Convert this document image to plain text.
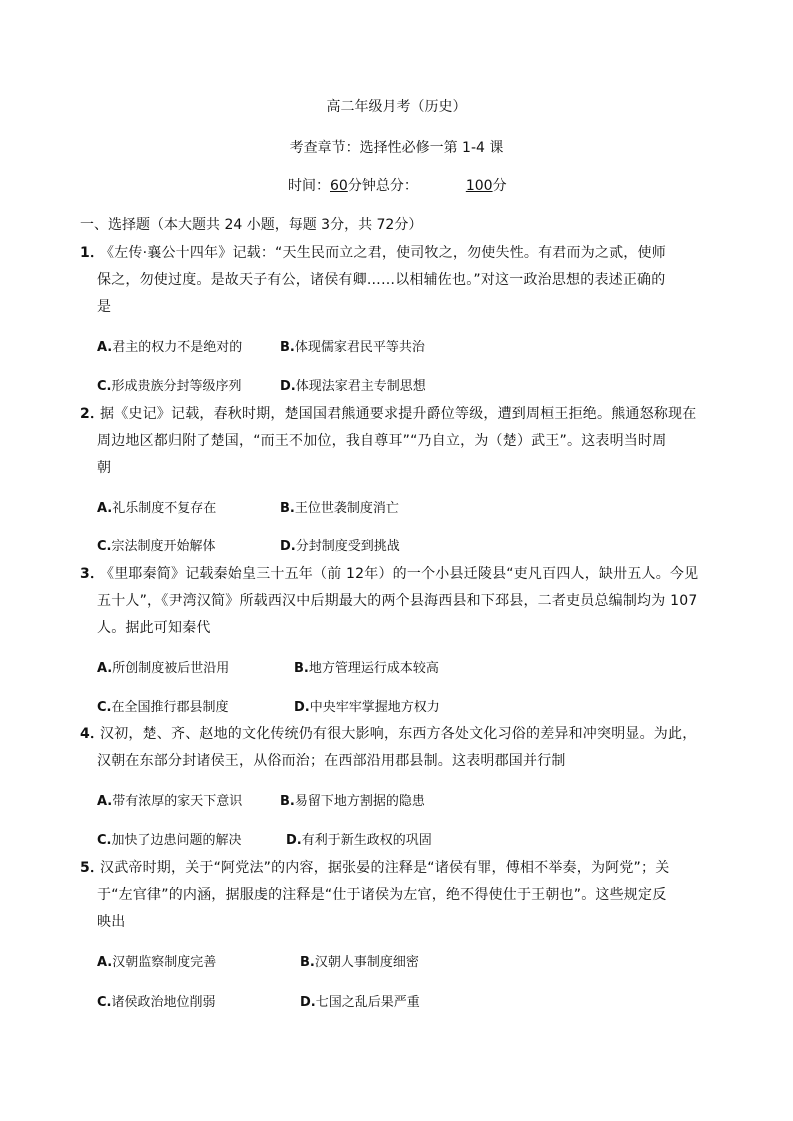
高二年级月考（历史）
考查章节：选择性必修一第 1-4 课
时间：60分钟总分：	100分
一、选择题（本大题共 24 小题，每题 3分，共 72分）
1．
《左传·襄公十四年》记载：“天生民而立之君，使司牧之，勿使失性。有君而为之贰，使师
保之，勿使过度。是故天子有公，诸侯有卿……以相辅佐也。”对这一政治思想的表述正确的
是
A.君主的权力不是绝对的	B.体现儒家君民平等共治
C.形成贵族分封等级序列	D.体现法家君主专制思想
2．
据《史记》记载，春秋时期，楚国国君熊通要求提升爵位等级，遭到周桓王拒绝。熊通怒称现在
周边地区都归附了楚国，“而王不加位，我自尊耳”“乃自立，为（楚）武王”。这表明当时周
朝
A.礼乐制度不复存在	B.王位世袭制度消亡
C.宗法制度开始解体	D.分封制度受到挑战
3．
《里耶秦简》记载秦始皇三十五年（前 12年）的一个小县迁陵县“吏凡百四人，缺卅五人。今见
五十人”，《尹湾汉简》所载西汉中后期最大的两个县海西县和下邳县，二者吏员总编制均为 107
人。据此可知秦代
A.所创制度被后世沿用	B.地方管理运行成本较高
C.在全国推行郡县制度	D.中央牢牢掌握地方权力
4．
汉初，楚、齐、赵地的文化传统仍有很大影响，东西方各处文化习俗的差异和冲突明显。为此，
汉朝在东部分封诸侯王，从俗而治；在西部沿用郡县制。这表明郡国并行制
A.带有浓厚的家天下意识	B.易留下地方割据的隐患
C.加快了边患问题的解决	D.有利于新生政权的巩固
5．
汉武帝时期，关于“阿党法”的内容，据张晏的注释是“诸侯有罪，傅相不举奏，为阿党”；关
于“左官律”的内涵，据服虔的注释是“仕于诸侯为左官，绝不得使仕于王朝也”。这些规定反
映出
A.汉朝监察制度完善	B.汉朝人事制度细密
C.诸侯政治地位削弱	D.七国之乱后果严重
